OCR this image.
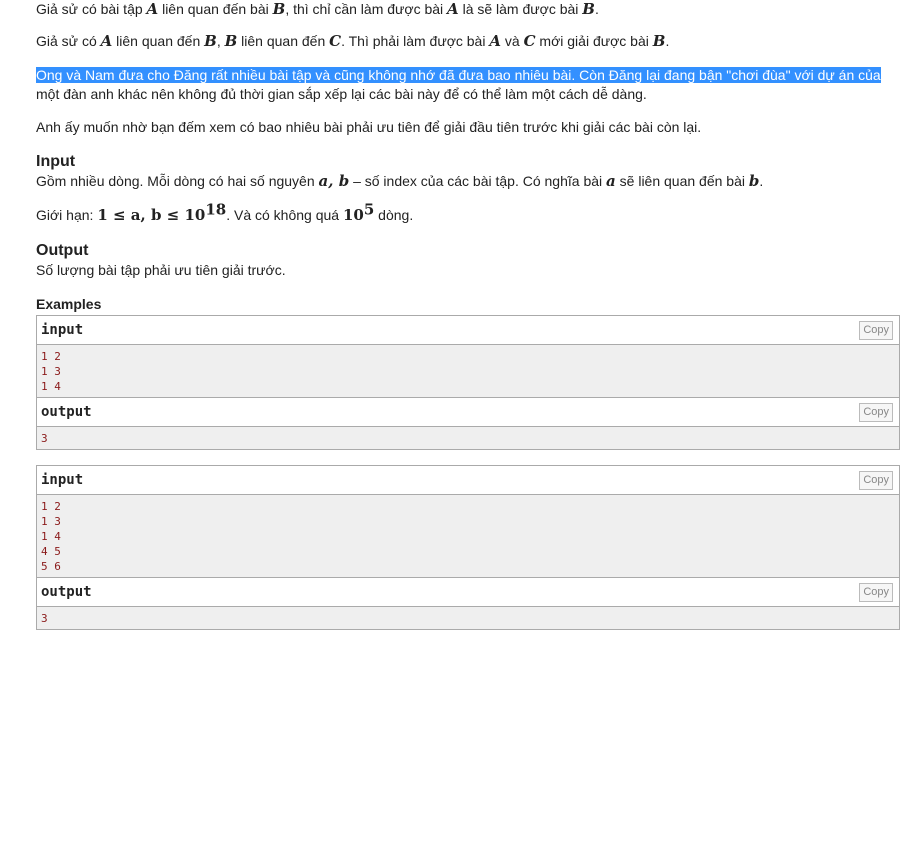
Giả sử có bài tập A liên quan đến bài B, thì chỉ cần làm được bài A là sẽ làm được bài B.

Giả sử có A liên quan đến B, B liên quan đến C. Thì phải làm được bài A và C mới giải được bài B.

Ong và Nam đưa cho Đăng rất nhiều bài tập và cũng không nhớ đã đưa bao nhiêu bài. Còn Đăng lại đang bận "chơi đùa" với dự án của
một đàn anh khác nên không đủ thời gian sắp xếp lại các bài này để có thể làm một cách dễ dàng.

Anh ấy muốn nhờ bạn đếm xem có bao nhiêu bài phải ưu tiên để giải đầu tiên trước khi giải các bài còn lại.

Input

Gồm nhiều dòng. Mỗi dòng có hai số nguyên a, b – số index của các bài tập. Có nghĩa bài a sẽ liên quan đến bài b.

Giới hạn: 1 ≤ a, $b \le 10^{18}$. Và có không quá $10^5$ dòng.

Output

Số lượng bài tập phải ưu tiên giải trước.

Examples
input	Copy
1 2
1 3
1 4
output	Copy
3
input	Copy
1 2
1 3
1 4
4 5
5 6
output	Copy
3
